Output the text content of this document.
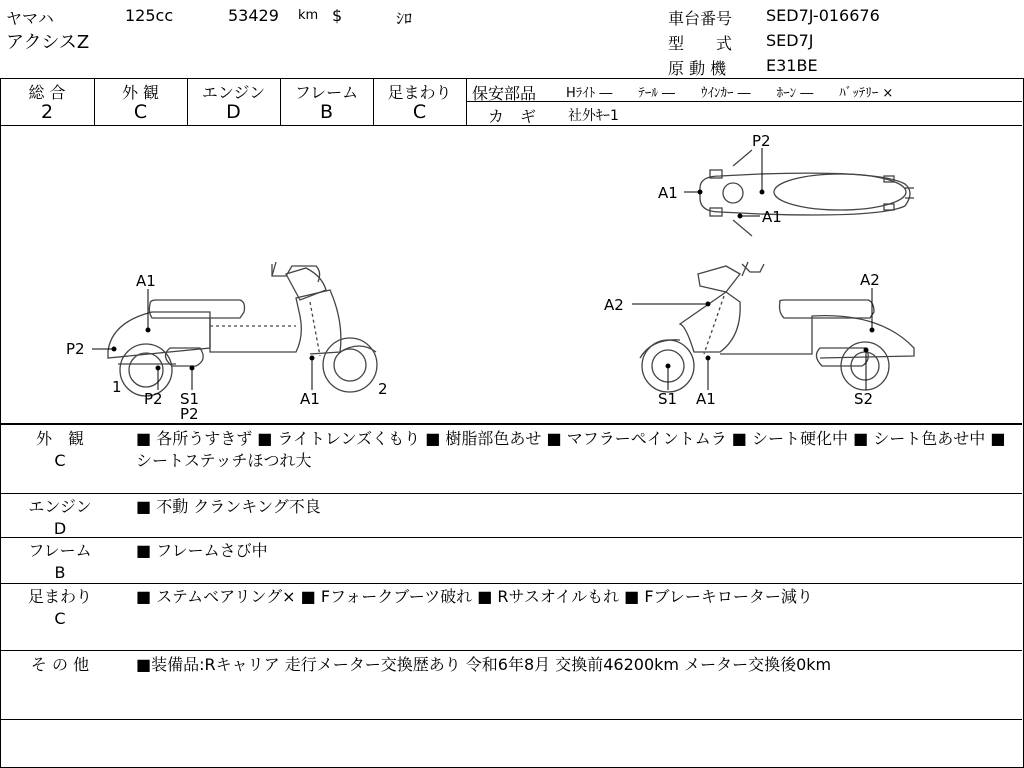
ヤマハ	125cc	53429 km $	ｼﾛ
アクシスZ
車台番号 SED7J-016676
型　　式 SED7J
原 動 機 E31BE
総 合
2
外 観
C
エンジン
D
フレーム
B
足まわり
C
保安部品 Hﾗｲﾄ ―　　ﾃｰﾙ ―　　ｳｲﾝｶｰ ―　　ﾎｰﾝ ―　　ﾊﾞｯﾃﾘｰ ×
カ　ギ 社外ｷｰ1
A1
P2
1
P2 S1
P2
A1
2
P2
A1
A1
A2
A2
S1 A1	S2
外　観
C
■ 各所うすきず ■ ライトレンズくもり ■ 樹脂部色あせ ■ マフラーペイントムラ ■ シート硬化中 ■ シート色あせ中 ■ シートステッチほつれ大
エンジン
D
■ 不動 クランキング不良
フレーム
B
■ フレームさび中
足まわり
C
■ ステムベアリング× ■ Fフォークブーツ破れ ■ Rサスオイルもれ ■ Fブレーキローター減り
そ の 他	■装備品:Rキャリア 走行メーター交換歴あり 令和6年8月 交換前46200km メーター交換後0km
